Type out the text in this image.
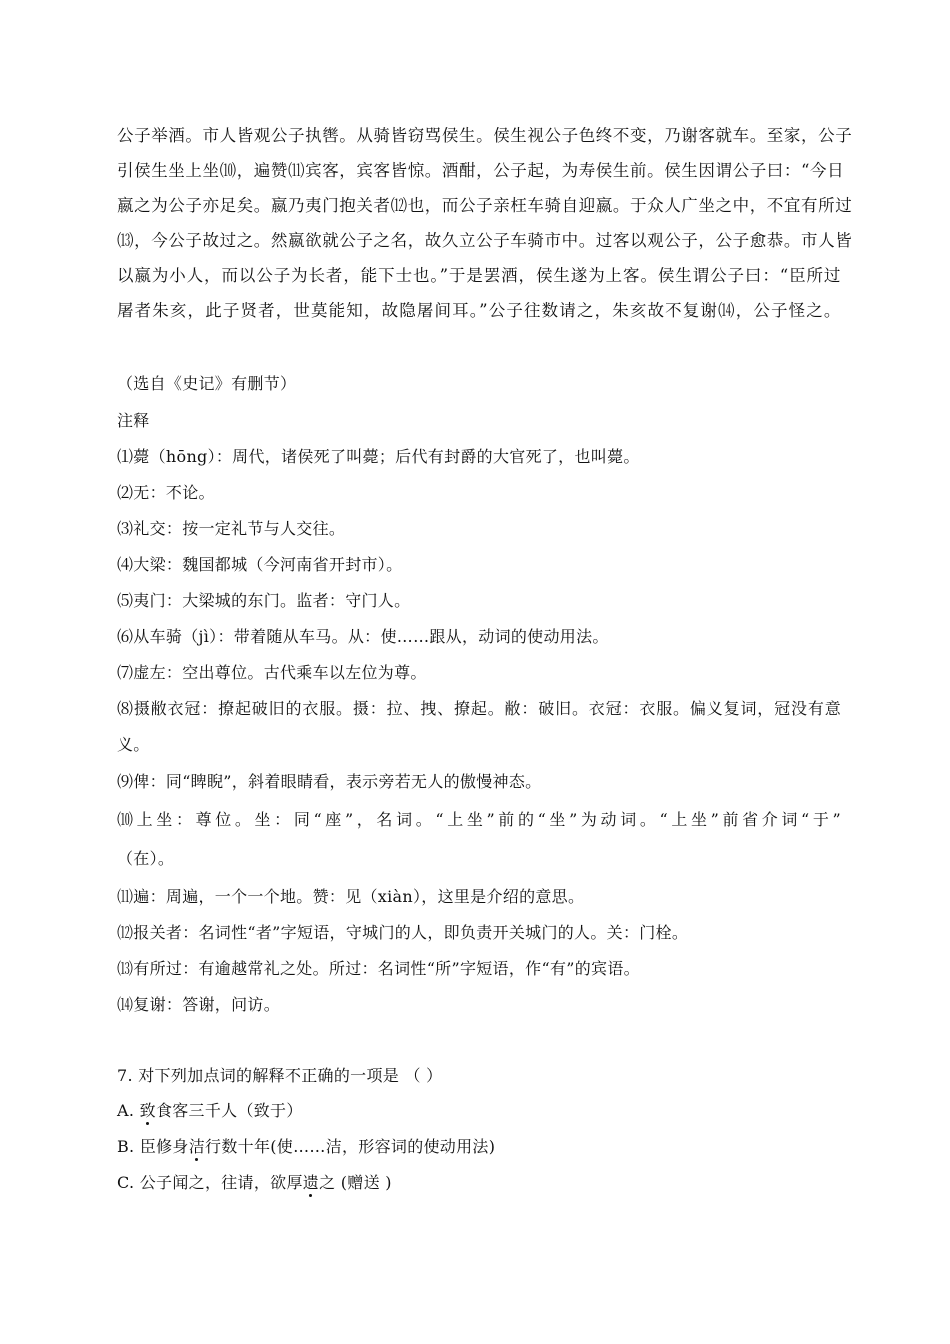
公子举酒。市人皆观公子执辔。从骑皆窃骂侯生。侯生视公子色终不变，乃谢客就车。至家，公子
引侯生坐上坐⑽，遍赞⑾宾客，宾客皆惊。酒酣，公子起，为寿侯生前。侯生因谓公子曰：“今日
嬴之为公子亦足矣。嬴乃夷门抱关者⑿也，而公子亲枉车骑自迎嬴。于众人广坐之中，不宜有所过
⒀，今公子故过之。然嬴欲就公子之名，故久立公子车骑市中。过客以观公子，公子愈恭。市人皆
以嬴为小人，而以公子为长者，能下士也。”于是罢酒，侯生遂为上客。侯生谓公子曰：“臣所过
屠者朱亥，此子贤者，世莫能知，故隐屠间耳。”公子往数请之，朱亥故不复谢⒁，公子怪之。
（选自《史记》有删节）
注释
⑴薨（hōng）：周代，诸侯死了叫薨；后代有封爵的大官死了，也叫薨。
⑵无：不论。
⑶礼交：按一定礼节与人交往。
⑷大梁：魏国都城（今河南省开封市）。
⑸夷门：大梁城的东门。监者：守门人。
⑹从车骑（jì）：带着随从车马。从：使……跟从，动词的使动用法。
⑺虚左：空出尊位。古代乘车以左位为尊。
⑻摄敝衣冠：撩起破旧的衣服。摄：拉、拽、撩起。敝：破旧。衣冠：衣服。偏义复词，冠没有意
义。
⑼俾：同“睥睨”，斜着眼睛看，表示旁若无人的傲慢神态。
⑽上坐：尊位。坐：同“座”，名词。“上坐”前的“坐”为动词。“上坐”前省介词“于”
（在）。
⑾遍：周遍，一个一个地。赞：见（xiàn），这里是介绍的意思。
⑿报关者：名词性“者”字短语，守城门的人，即负责开关城门的人。关：门栓。
⒀有所过：有逾越常礼之处。所过：名词性“所”字短语，作“有”的宾语。
⒁复谢：答谢，问访。
7. 对下列加点词的解释不正确的一项是 （ ）
A. 致食客三千人（致于）
B. 臣修身洁行数十年(使……洁，形容词的使动用法)
C. 公子闻之，往请，欲厚遗之 (赠送 )
